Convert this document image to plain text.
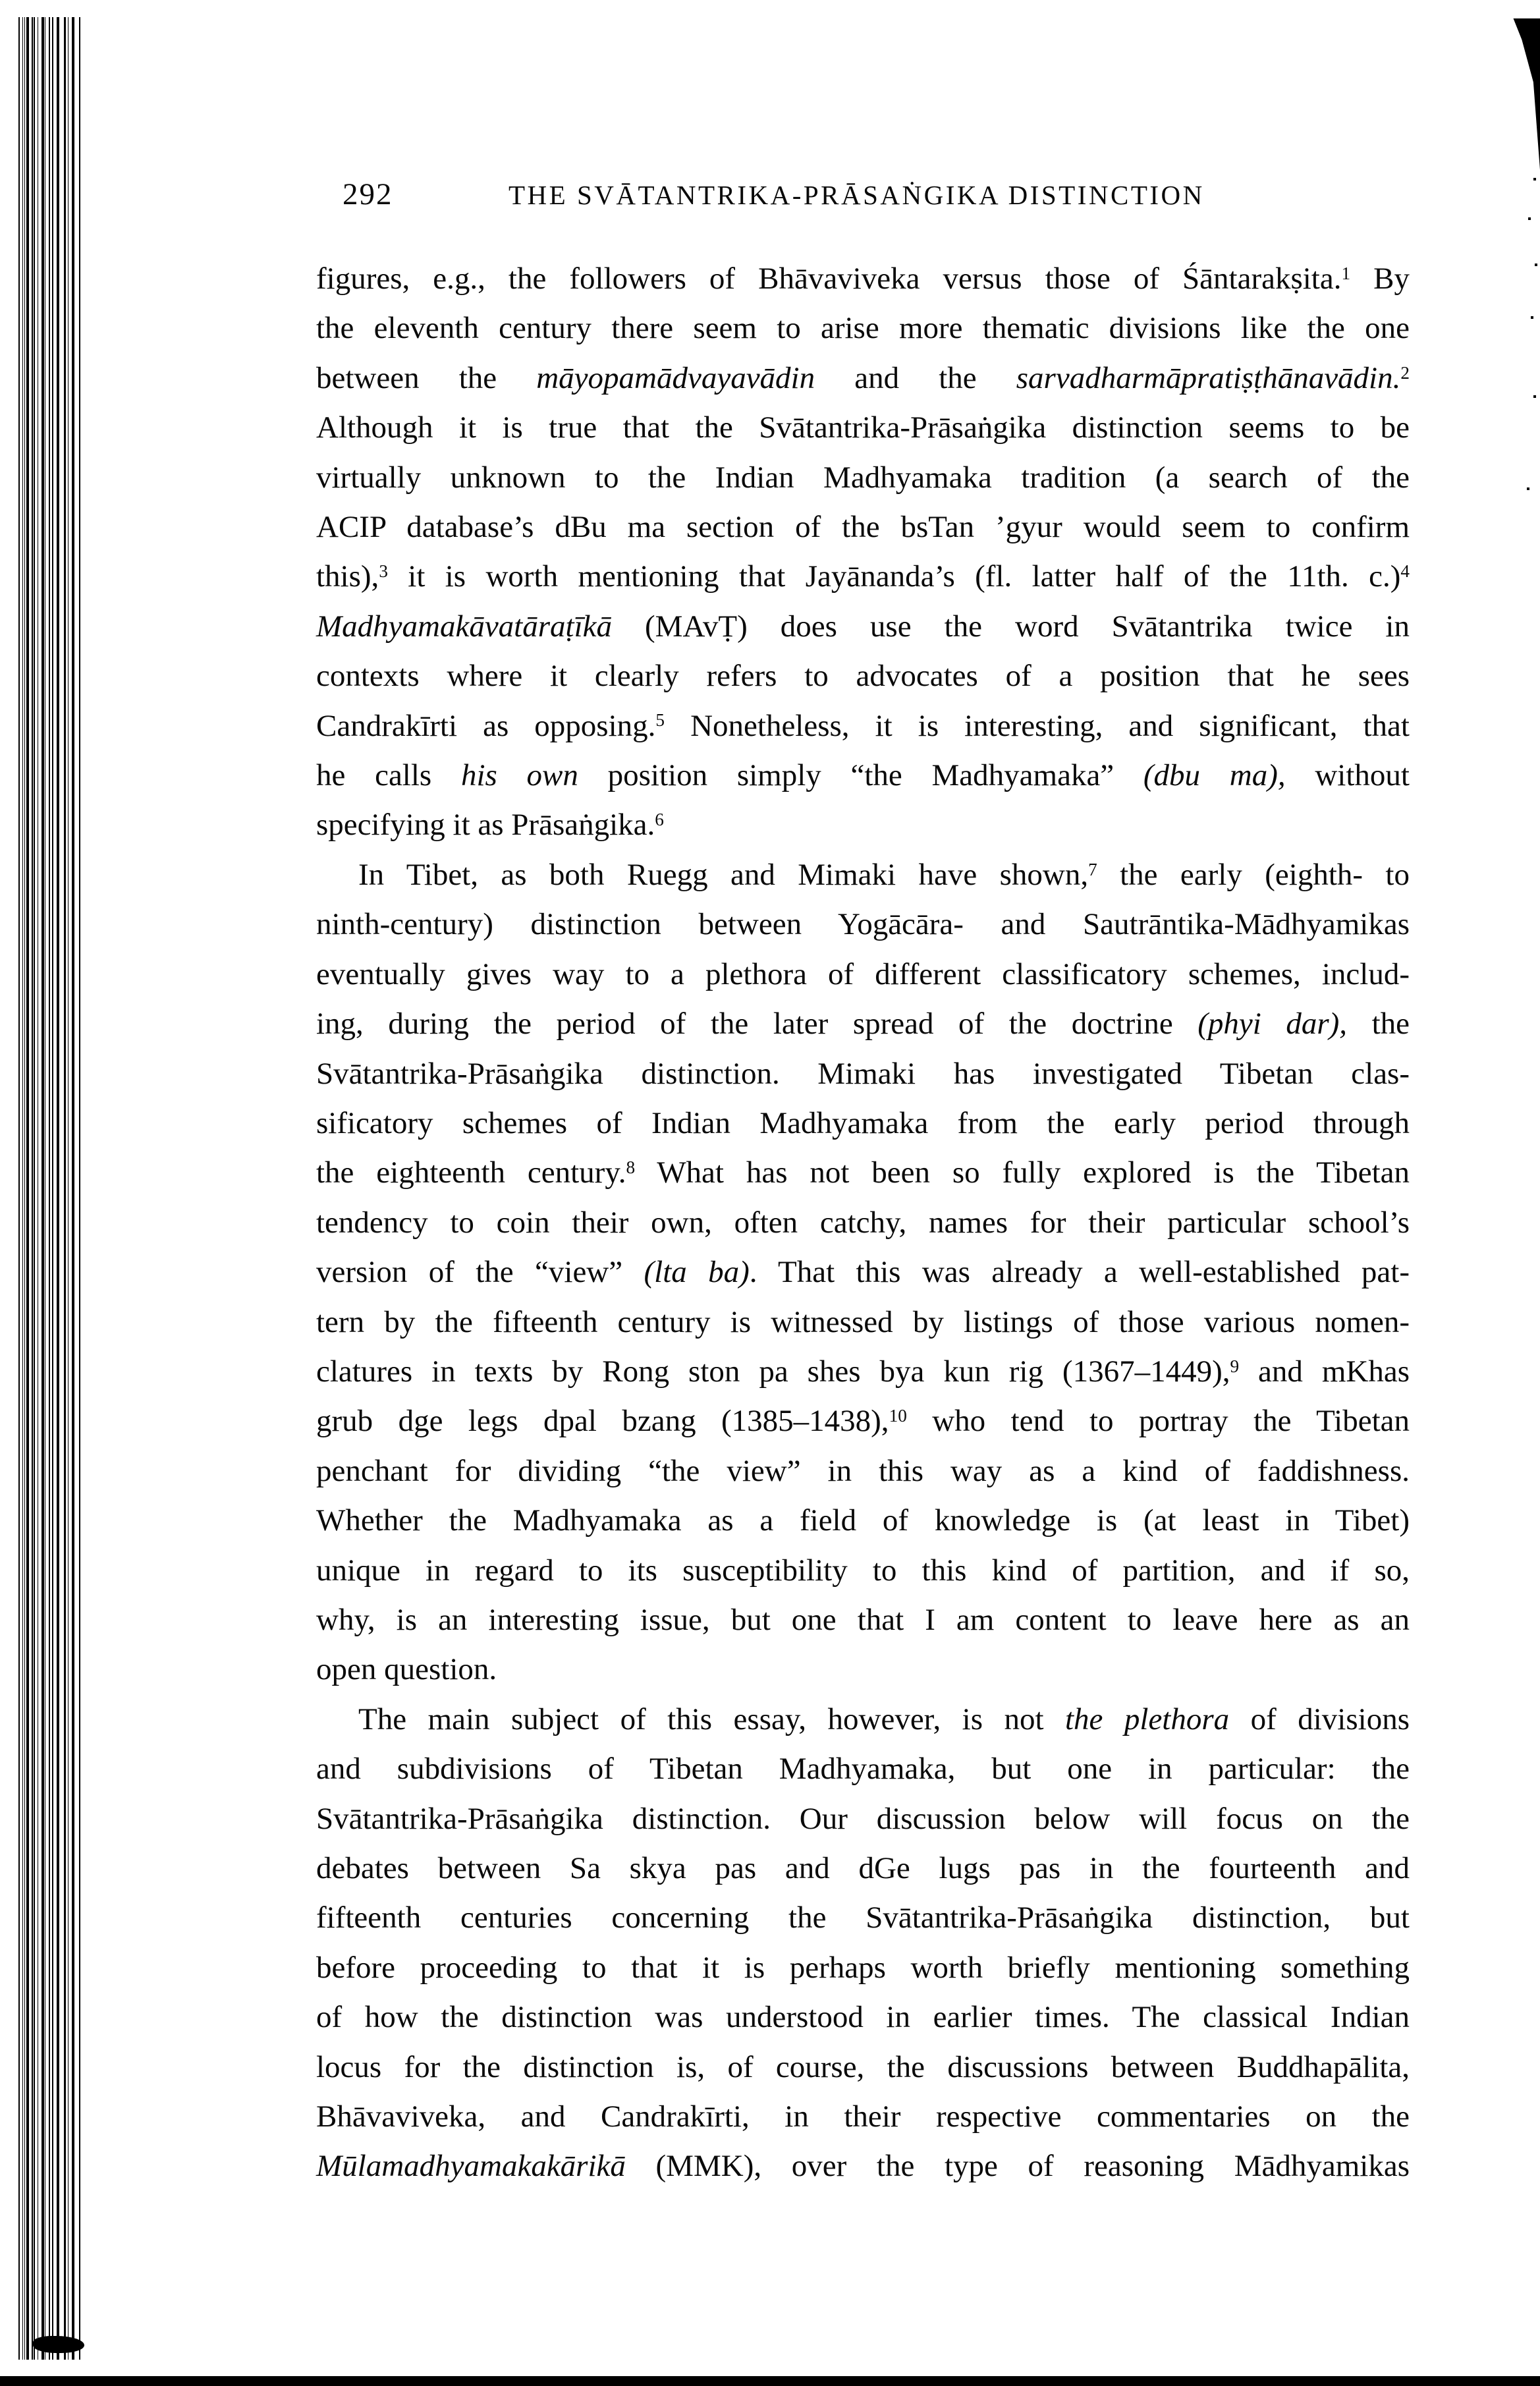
292	THE SVĀTANTRIKA-PRĀSAṄGIKA DISTINCTION
figures, e.g., the followers of Bhāvaviveka versus those of Śāntarakṣita.$^1$ By
the eleventh century there seem to arise more thematic divisions like the one
between the māyopamādvayavādin and the sarvadharmāpratiṣṭhānavādin.$^2$
Although it is true that the Svātantrika-Prāsaṅgika distinction seems to be
virtually unknown to the Indian Madhyamaka tradition (a search of the
ACIP database’s dBu ma section of the bsTan ’gyur would seem to confirm
this),$^3$ it is worth mentioning that Jayānanda’s (fl. latter half of the 11th. c.)$^4$
Madhyamakāvatāraṭīkā (MAvṬ) does use the word Svātantrika twice in
contexts where it clearly refers to advocates of a position that he sees
Candrakīrti as opposing.$^5$ Nonetheless, it is interesting, and significant, that
he calls his own position simply “the Madhyamaka” (dbu ma), without
specifying it as Prāsaṅgika.$^6$
In Tibet, as both Ruegg and Mimaki have shown,$^7$ the early (eighth- to
ninth-century) distinction between Yogācāra- and Sautrāntika-Mādhyamikas
eventually gives way to a plethora of different classificatory schemes, includ-
ing, during the period of the later spread of the doctrine (phyi dar), the
Svātantrika-Prāsaṅgika distinction. Mimaki has investigated Tibetan clas-
sificatory schemes of Indian Madhyamaka from the early period through
the eighteenth century.$^8$ What has not been so fully explored is the Tibetan
tendency to coin their own, often catchy, names for their particular school’s
version of the “view” (lta ba). That this was already a well-established pat-
tern by the fifteenth century is witnessed by listings of those various nomen-
clatures in texts by Rong ston pa shes bya kun rig (1367–1449),$^9$ and mKhas
grub dge legs dpal bzang (1385–1438),$^{10}$ who tend to portray the Tibetan
penchant for dividing “the view” in this way as a kind of faddishness.
Whether the Madhyamaka as a field of knowledge is (at least in Tibet)
unique in regard to its susceptibility to this kind of partition, and if so,
why, is an interesting issue, but one that I am content to leave here as an
open question.
The main subject of this essay, however, is not the plethora of divisions
and subdivisions of Tibetan Madhyamaka, but one in particular: the
Svātantrika-Prāsaṅgika distinction. Our discussion below will focus on the
debates between Sa skya pas and dGe lugs pas in the fourteenth and
fifteenth centuries concerning the Svātantrika-Prāsaṅgika distinction, but
before proceeding to that it is perhaps worth briefly mentioning something
of how the distinction was understood in earlier times. The classical Indian
locus for the distinction is, of course, the discussions between Buddhapālita,
Bhāvaviveka, and Candrakīrti, in their respective commentaries on the
Mūlamadhyamakakārikā (MMK), over the type of reasoning Mādhyamikas
